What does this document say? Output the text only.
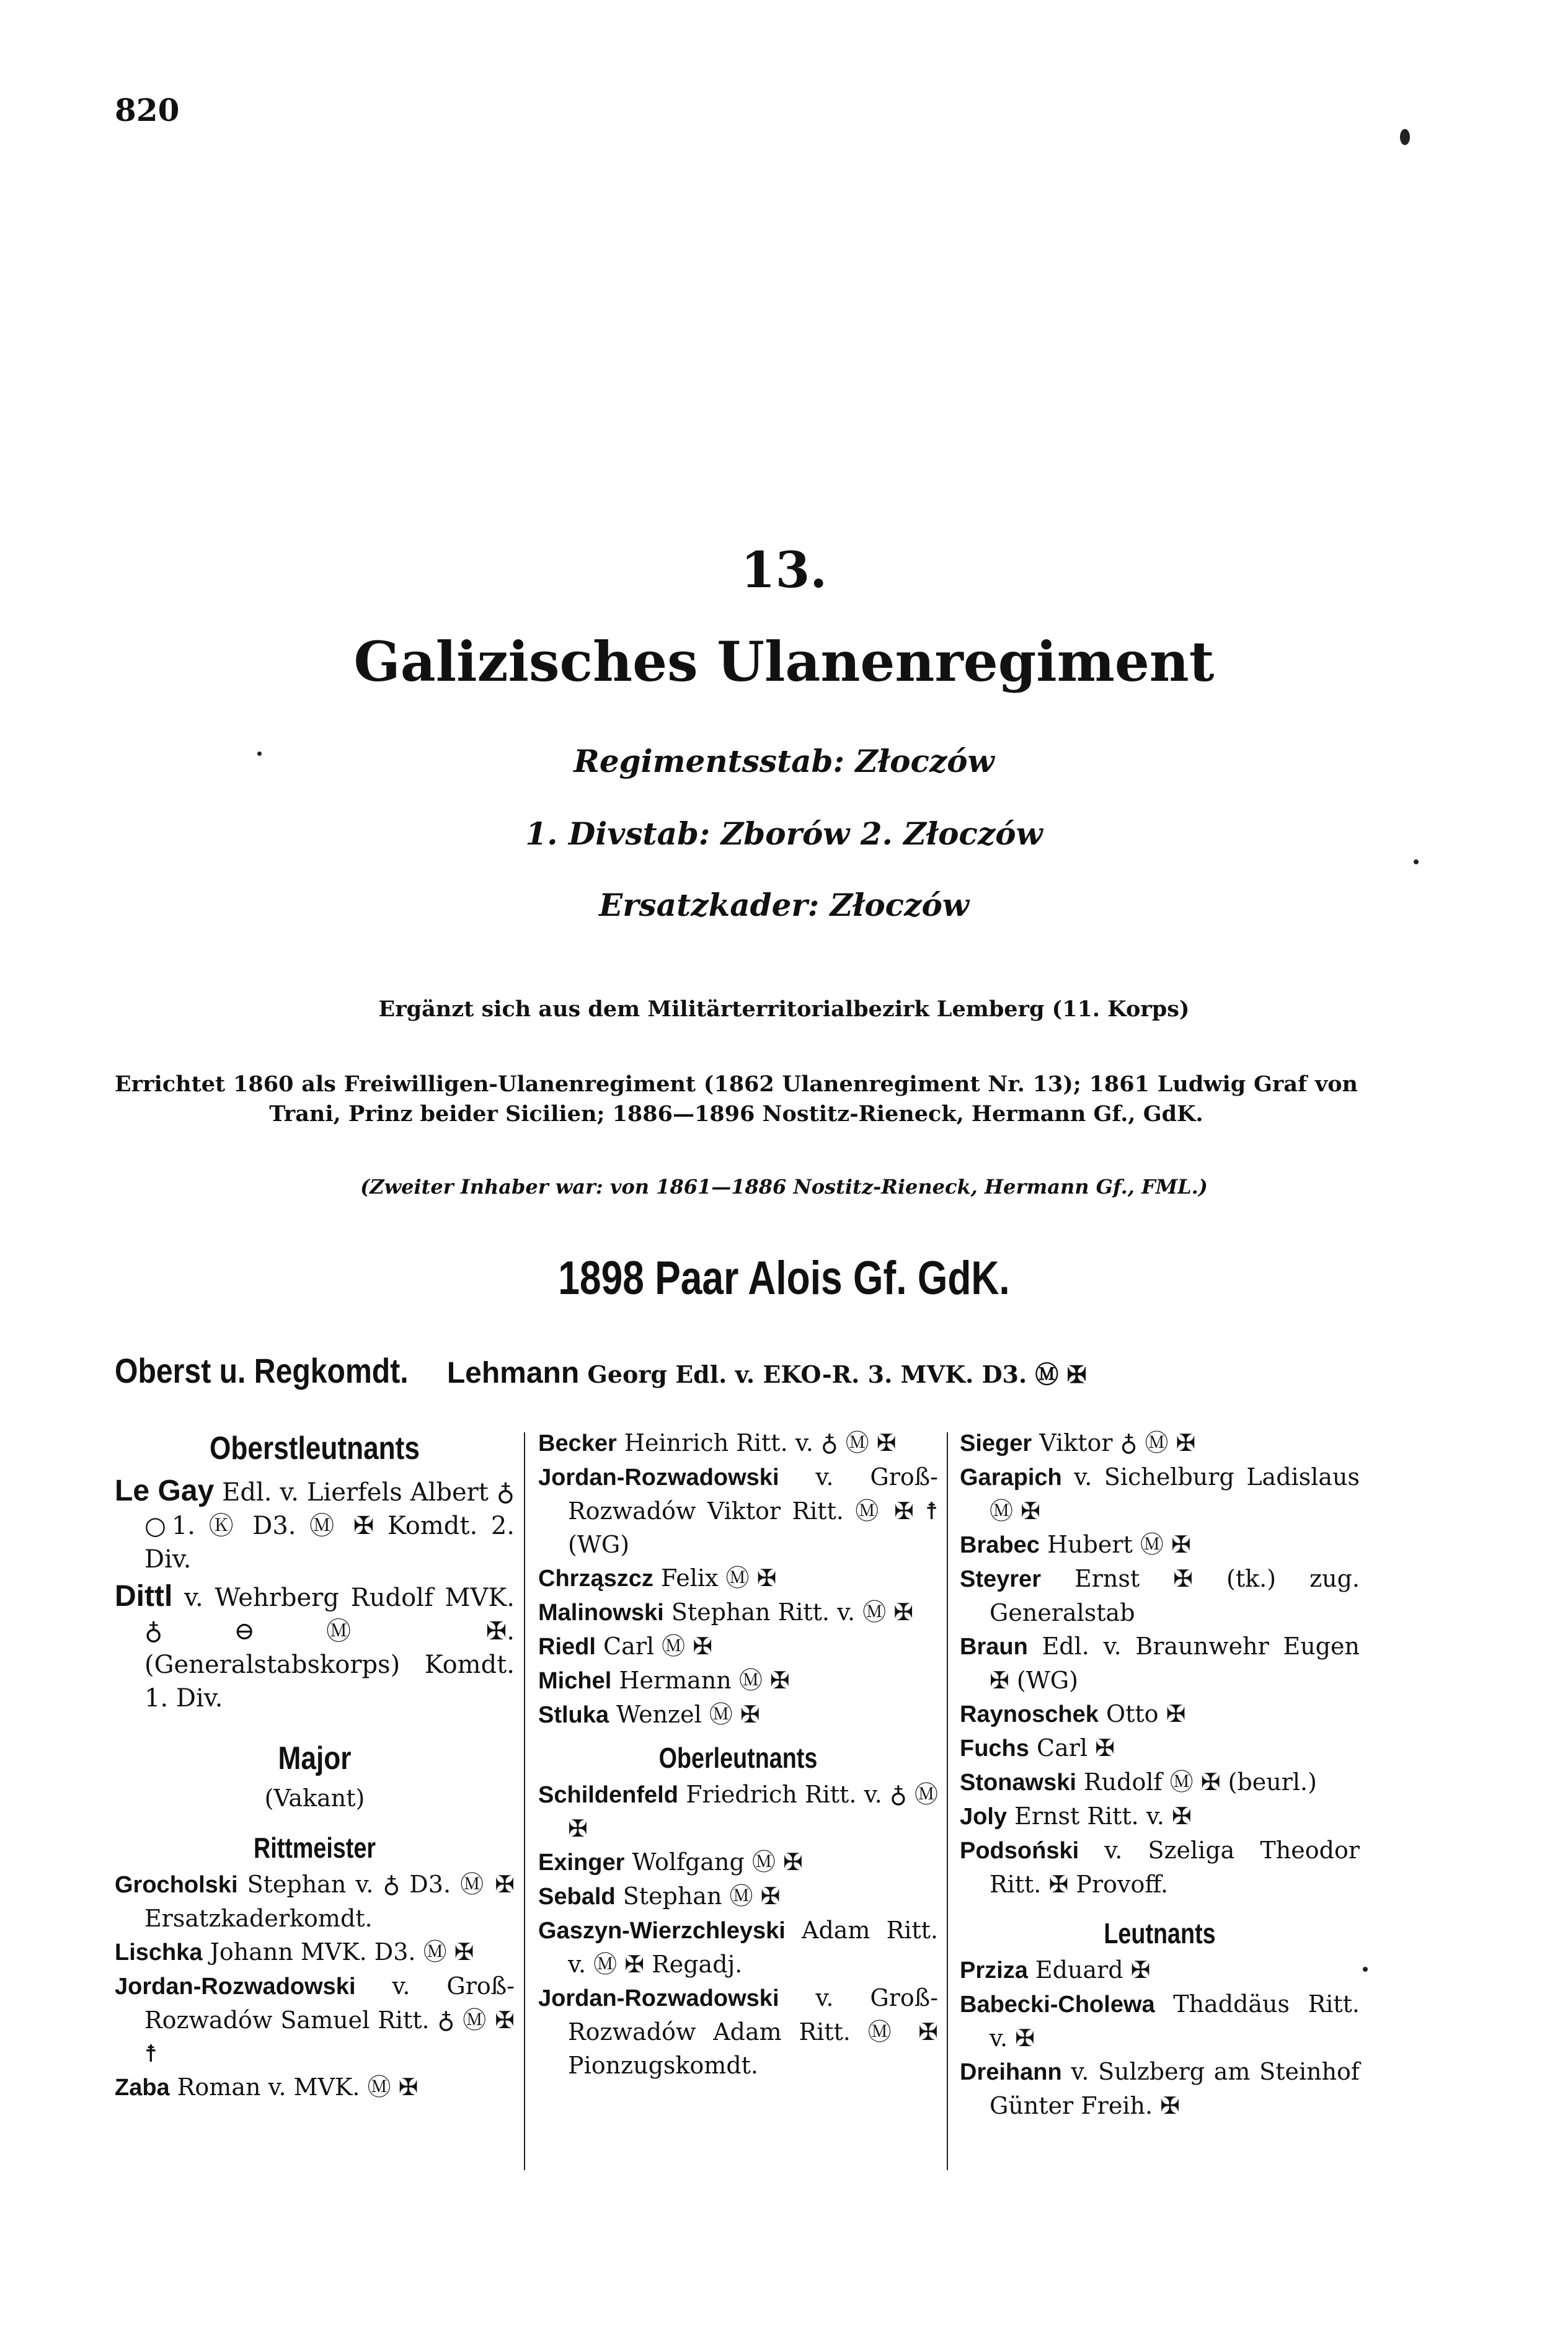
820
13.
Galizisches Ulanenregiment
Regimentsstab: Złoczów
1. Divstab: Zborów 2. Złoczów
Ersatzkader: Złoczów
Ergänzt sich aus dem Militärterritorialbezirk Lemberg (11. Korps)
Errichtet 1860 als Freiwilligen-Ulanenregiment (1862 Ulanenregiment Nr. 13); 1861 Ludwig Graf von Trani, Prinz beider Sicilien; 1886—1896 Nostitz-Rieneck, Hermann Gf., GdK.
(Zweiter Inhaber war: von 1861—1886 Nostitz-Rieneck, Hermann Gf., FML.)
1898 Paar Alois Gf. GdK.
Oberst u. Regkomdt. Lehmann Georg Edl. v. EKO-R. 3. MVK. D3. Ⓜ ✠

Oberstleutnants

Le Gay Edl. v. Lierfels Albert ♁ ○1. Ⓚ D3. Ⓜ ✠ Komdt. 2. Div.

Dittl v. Wehrberg Rudolf MVK. ♁ ⊖ Ⓜ ✠. (Generalstabskorps) Komdt. 1. Div.

Major

(Vakant)

Rittmeister

Grocholski Stephan v. ♁ D3. Ⓜ ✠ Ersatzkaderkomdt.

Lischka Johann MVK. D3. Ⓜ ✠

Jordan-Rozwadowski v. Groß-Rozwadów Samuel Ritt. ♁ Ⓜ ✠ ☨

Zaba Roman v. MVK. Ⓜ ✠

Becker Heinrich Ritt. v. ♁ Ⓜ ✠

Jordan-Rozwadowski v. Groß-Rozwadów Viktor Ritt. Ⓜ ✠ ☨ (WG)

Chrząszcz Felix Ⓜ ✠

Malinowski Stephan Ritt. v. Ⓜ ✠

Riedl Carl Ⓜ ✠

Michel Hermann Ⓜ ✠

Stluka Wenzel Ⓜ ✠

Oberleutnants

Schildenfeld Friedrich Ritt. v. ♁ Ⓜ ✠

Exinger Wolfgang Ⓜ ✠

Sebald Stephan Ⓜ ✠

Gaszyn-Wierzchleyski Adam Ritt. v. Ⓜ ✠ Regadj.

Jordan-Rozwadowski v. Groß-Rozwadów Adam Ritt. Ⓜ ✠ Pionzugskomdt.

Sieger Viktor ♁ Ⓜ ✠

Garapich v. Sichelburg Ladislaus Ⓜ ✠

Brabec Hubert Ⓜ ✠

Steyrer Ernst ✠ (tk.) zug. Generalstab

Braun Edl. v. Braunwehr Eugen ✠ (WG)

Raynoschek Otto ✠

Fuchs Carl ✠

Stonawski Rudolf Ⓜ ✠ (beurl.)

Joly Ernst Ritt. v. ✠

Podsoński v. Szeliga Theodor Ritt. ✠ Provoff.

Leutnants

Prziza Eduard ✠

Babecki-Cholewa Thaddäus Ritt. v. ✠

Dreihann v. Sulzberg am Steinhof Günter Freih. ✠
